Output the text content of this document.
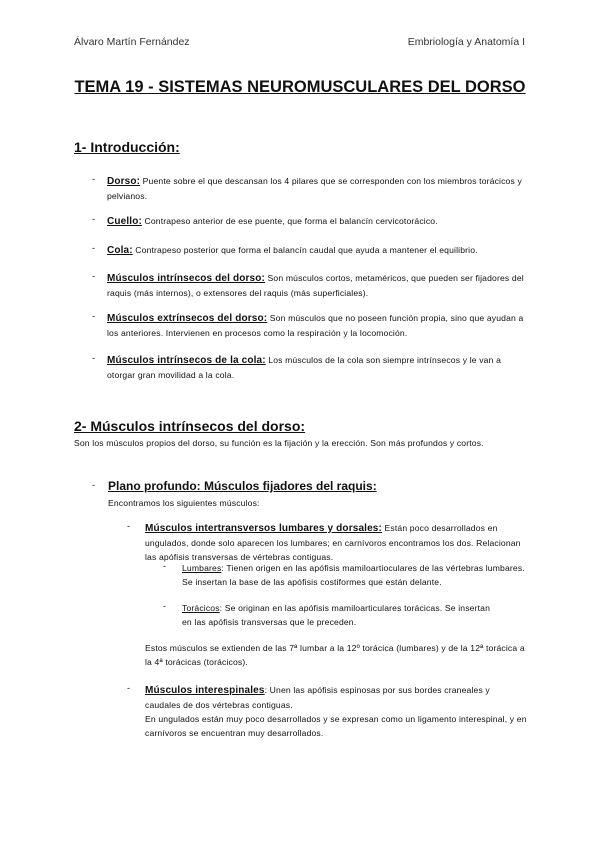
Álvaro Martín Fernández	Embriología y Anatomía I
TEMA 19 - SISTEMAS NEUROMUSCULARES DEL DORSO
1- Introducción:
- Dorso: Puente sobre el que descansan los 4 pilares que se corresponden con los miembros torácicos y pelvianos.
- Cuello: Contrapeso anterior de ese puente, que forma el balancín cervicotorácico.
- Cola: Contrapeso posterior que forma el balancín caudal que ayuda a mantener el equilibrio.
- Músculos intrínsecos del dorso: Son músculos cortos, metaméricos, que pueden ser fijadores del raquis (más internos), o extensores del raquis (más superficiales).
- Músculos extrínsecos del dorso: Son músculos que no poseen función propia, sino que ayudan a los anteriores. Intervienen en procesos como la respiración y la locomoción.
- Músculos intrínsecos de la cola: Los músculos de la cola son siempre intrínsecos y le van a otorgar gran movilidad a la cola.
2- Músculos intrínsecos del dorso:
Son los músculos propios del dorso, su función es la fijación y la erección. Son más profundos y cortos.
- Plano profundo: Músculos fijadores del raquis:
Encontramos los siguientes músculos:
- Músculos intertransversos lumbares y dorsales: Están poco desarrollados en ungulados, donde solo aparecen los lumbares; en carnívoros encontramos los dos. Relacionan las apófisis transversas de vértebras contiguas.
- Lumbares: Tienen origen en las apófisis mamiloartioculares de las vértebras lumbares. Se insertan la base de las apófisis costiformes que están delante.
- Torácicos: Se originan en las apófisis mamiloarticulares torácicas. Se insertan en las apófisis transversas que le preceden.
Estos músculos se extienden de las 7ª lumbar a la 12º torácica (lumbares) y de la 12ª torácica a la 4ª torácicas (torácicos).
- Músculos interespinales: Unen las apófisis espinosas por sus bordes craneales y caudales de dos vértebras contiguas.
En ungulados están muy poco desarrollados y se expresan como un ligamento interespinal, y en carnívoros se encuentran muy desarrollados.
